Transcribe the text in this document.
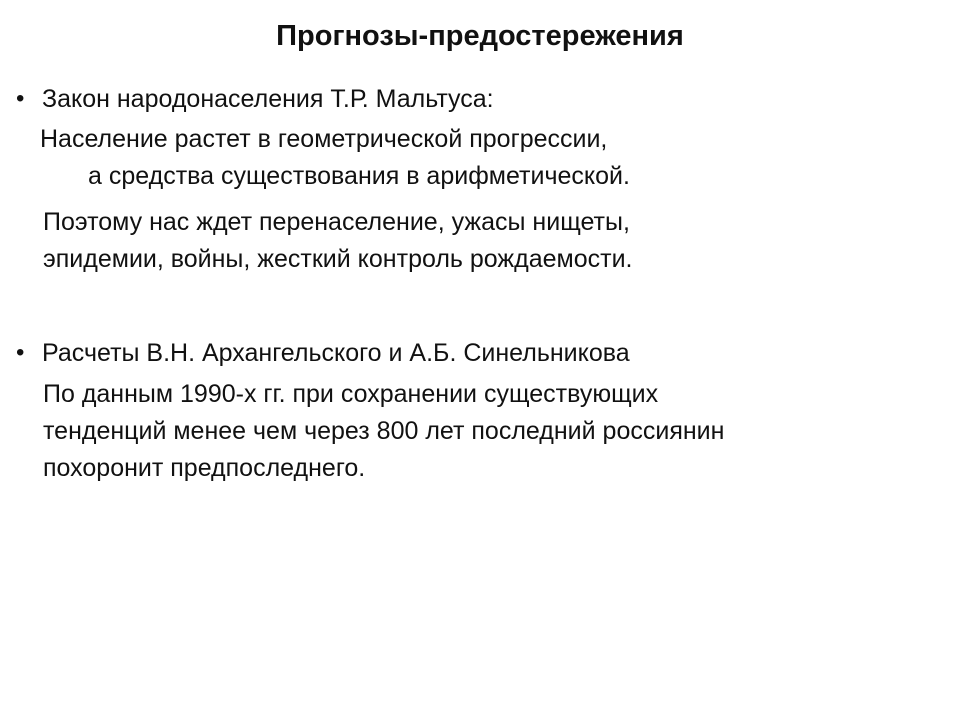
Прогнозы-предостережения
• Закон народонаселения Т.Р. Мальтуса:

Население растет в геометрической прогрессии,

а средства существования в арифметической.

Поэтому нас ждет перенаселение, ужасы нищеты,

эпидемии, войны, жесткий контроль рождаемости.

• Расчеты В.Н. Архангельского и А.Б. Синельникова

По данным 1990-х гг. при сохранении существующих

тенденций менее чем через 800 лет последний россиянин

похоронит предпоследнего.
